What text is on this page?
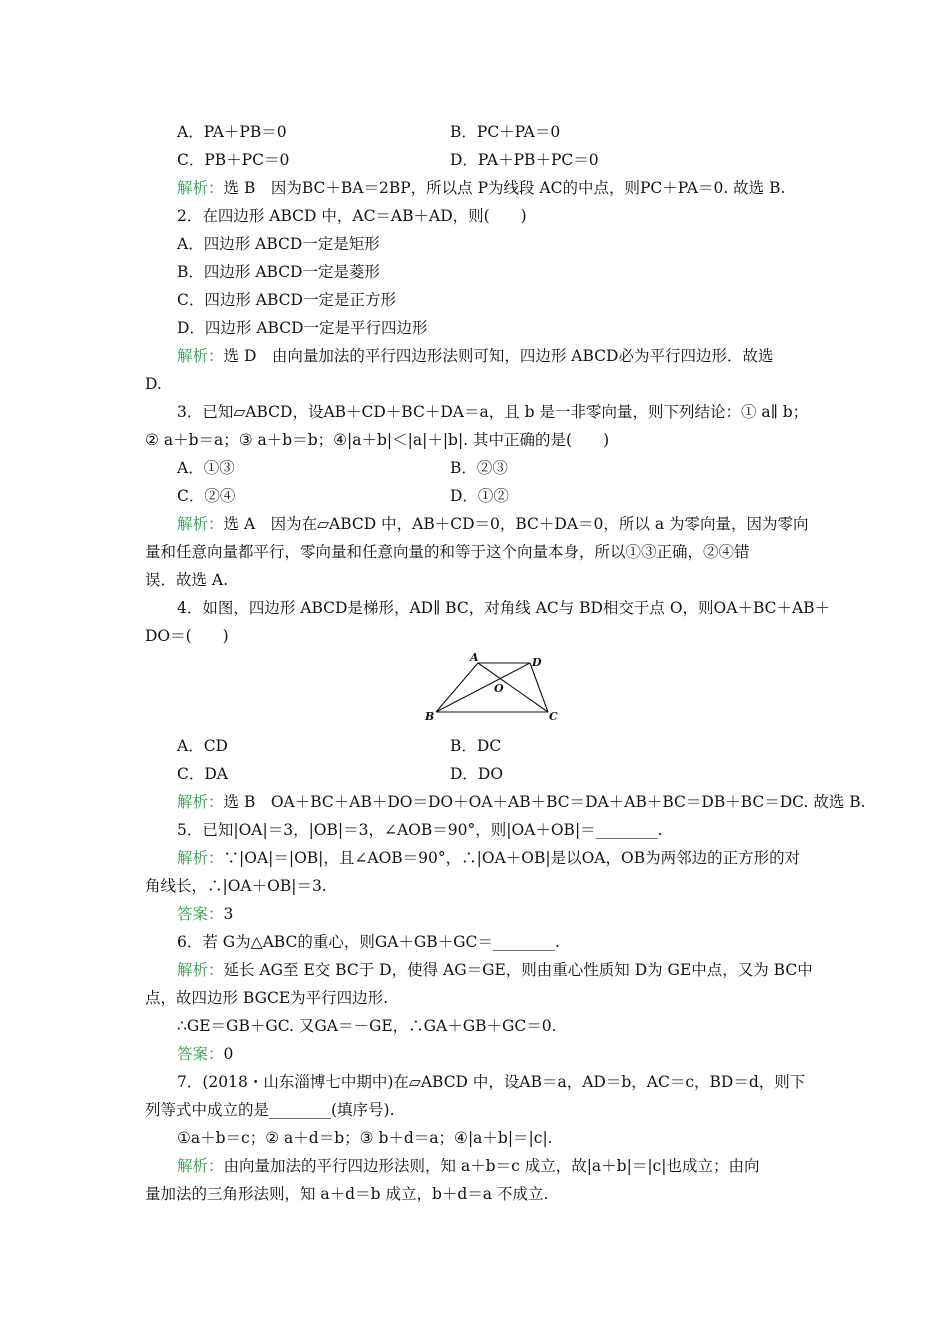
A．PA＋PB＝0	B．PC＋PA＝0
C．PB＋PC＝0	D．PA＋PB＋PC＝0
解析：选 B　因为BC＋BA＝2BP，所以点 P为线段 AC的中点，则PC＋PA＝0. 故选 B.
2．在四边形 ABCD 中，AC＝AB＋AD，则(　　)
A．四边形 ABCD一定是矩形
B．四边形 ABCD一定是菱形
C．四边形 ABCD一定是正方形
D．四边形 ABCD一定是平行四边形
解析：选 D　由向量加法的平行四边形法则可知，四边形 ABCD必为平行四边形．故选
D.
3．已知▱ABCD，设AB＋CD＋BC＋DA＝a，且 b 是一非零向量，则下列结论：① a∥ b；
② a＋b＝a；③ a＋b＝b；④|a＋b|＜|a|＋|b|. 其中正确的是(　　)
A．①③	B．②③
C．②④	D．①②
解析：选 A　因为在▱ABCD 中，AB＋CD＝0，BC＋DA＝0，所以 a 为零向量，因为零向
量和任意向量都平行，零向量和任意向量的和等于这个向量本身，所以①③正确，②④错
误．故选 A.
4．如图，四边形 ABCD是梯形，AD∥ BC，对角线 AC与 BD相交于点 O，则OA＋BC＋AB＋
DO＝(　　)
A．CD	B．DC
C．DA	D．DO
解析：选 B　OA＋BC＋AB＋DO＝DO＋OA＋AB＋BC＝DA＋AB＋BC＝DB＋BC＝DC. 故选 B.
5．已知|OA|＝3，|OB|＝3，∠AOB＝90°，则|OA＋OB|＝________.
解析：∵|OA|＝|OB|，且∠AOB＝90°，∴|OA＋OB|是以OA，OB为两邻边的正方形的对
角线长，∴|OA＋OB|＝3.
答案：3
6．若 G为△ABC的重心，则GA＋GB＋GC＝________.
解析：延长 AG至 E交 BC于 D，使得 AG＝GE，则由重心性质知 D为 GE中点，又为 BC中
点，故四边形 BGCE为平行四边形.
∴GE＝GB＋GC. 又GA＝－GE，∴GA＋GB＋GC＝0.
答案：0
7．(2018・山东淄博七中期中)在▱ABCD 中，设AB＝a，AD＝b，AC＝c，BD＝d，则下
列等式中成立的是________(填序号).
①a＋b＝c；② a＋d＝b；③ b＋d＝a；④|a＋b|＝|c|.
解析：由向量加法的平行四边形法则，知 a＋b＝c 成立，故|a＋b|＝|c|也成立；由向
量加法的三角形法则，知 a＋d＝b 成立，b＋d＝a 不成立.
A	D
O
B	C
